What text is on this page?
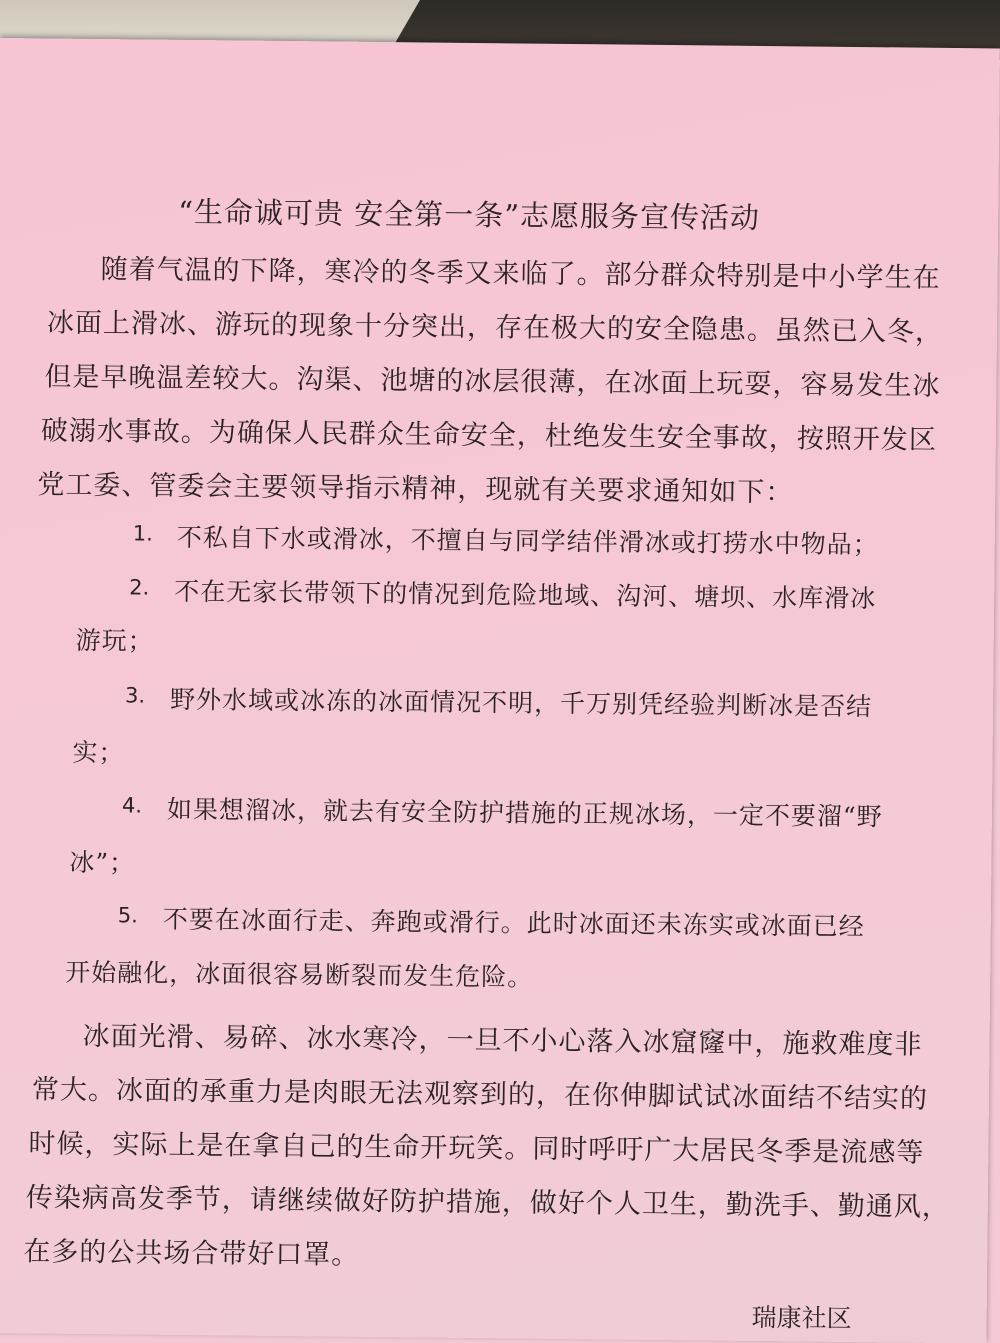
“生命诚可贵 安全第一条”志愿服务宣传活动
随着气温的下降，寒冷的冬季又来临了。部分群众特别是中小学生在
冰面上滑冰、游玩的现象十分突出，存在极大的安全隐患。虽然已入冬，
但是早晚温差较大。沟渠、池塘的冰层很薄，在冰面上玩耍，容易发生冰
破溺水事故。为确保人民群众生命安全，杜绝发生安全事故，按照开发区
党工委、管委会主要领导指示精神，现就有关要求通知如下：
1. 不私自下水或滑冰，不擅自与同学结伴滑冰或打捞水中物品；
2. 不在无家长带领下的情况到危险地域、沟河、塘坝、水库滑冰
游玩；
3. 野外水域或冰冻的冰面情况不明，千万别凭经验判断冰是否结
实；
4. 如果想溜冰，就去有安全防护措施的正规冰场，一定不要溜“野
冰”；
5. 不要在冰面行走、奔跑或滑行。此时冰面还未冻实或冰面已经
开始融化，冰面很容易断裂而发生危险。
冰面光滑、易碎、冰水寒冷，一旦不小心落入冰窟窿中，施救难度非
常大。冰面的承重力是肉眼无法观察到的，在你伸脚试试冰面结不结实的
时候，实际上是在拿自己的生命开玩笑。同时呼吁广大居民冬季是流感等
传染病高发季节，请继续做好防护措施，做好个人卫生，勤洗手、勤通风，
在多的公共场合带好口罩。
瑞康社区
